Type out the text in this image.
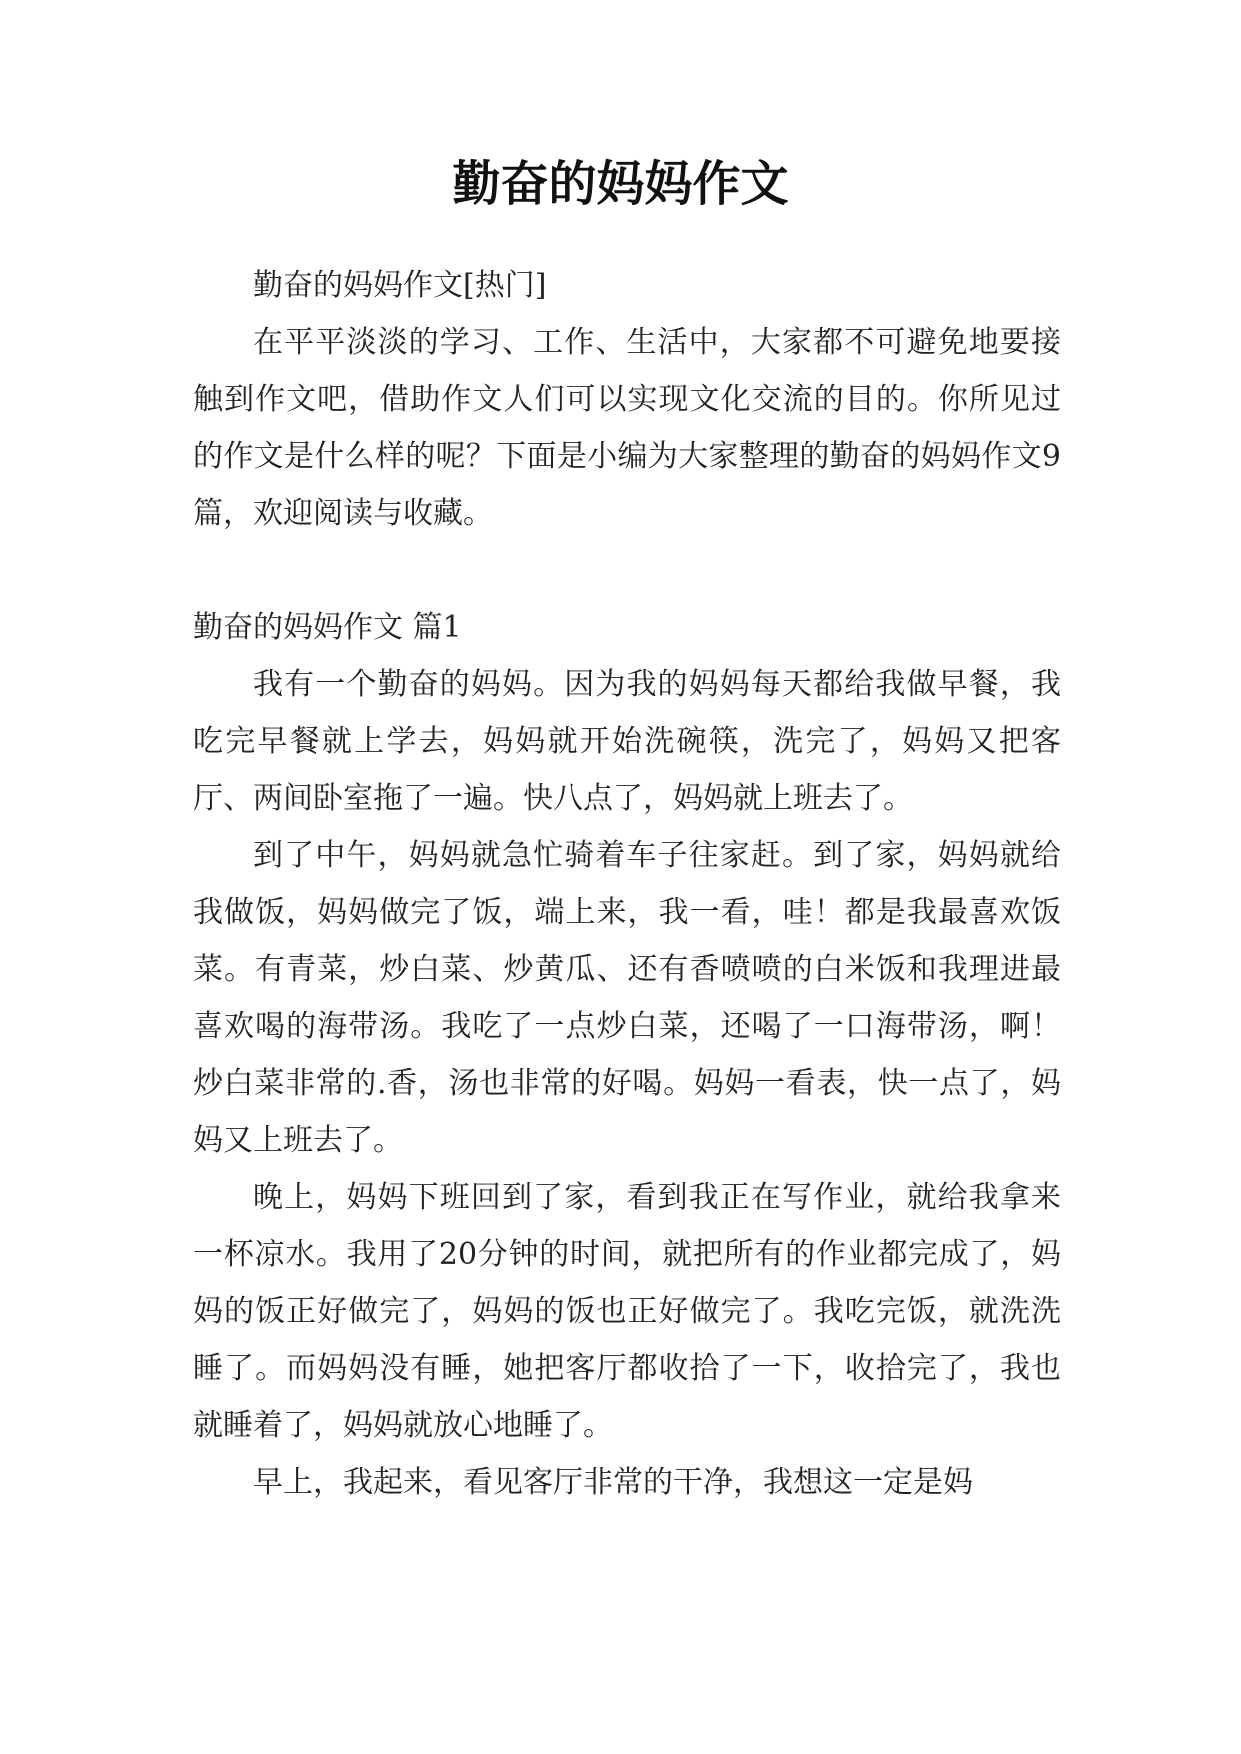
勤奋的妈妈作文

勤奋的妈妈作文[热门]

在平平淡淡的学习、工作、生活中，大家都不可避免地要接触到作文吧，借助作文人们可以实现文化交流的目的。你所见过的作文是什么样的呢？下面是小编为大家整理的勤奋的妈妈作文9篇，欢迎阅读与收藏。

勤奋的妈妈作文 篇1

我有一个勤奋的妈妈。因为我的妈妈每天都给我做早餐，我吃完早餐就上学去，妈妈就开始洗碗筷，洗完了，妈妈又把客厅、两间卧室拖了一遍。快八点了，妈妈就上班去了。

到了中午，妈妈就急忙骑着车子往家赶。到了家，妈妈就给我做饭，妈妈做完了饭，端上来，我一看，哇！都是我最喜欢饭菜。有青菜，炒白菜、炒黄瓜、还有香喷喷的白米饭和我理进最喜欢喝的海带汤。我吃了一点炒白菜，还喝了一口海带汤，啊！炒白菜非常的.香，汤也非常的好喝。妈妈一看表，快一点了，妈妈又上班去了。

晚上，妈妈下班回到了家，看到我正在写作业，就给我拿来一杯凉水。我用了20分钟的时间，就把所有的作业都完成了，妈妈的饭正好做完了，妈妈的饭也正好做完了。我吃完饭，就洗洗睡了。而妈妈没有睡，她把客厅都收拾了一下，收拾完了，我也就睡着了，妈妈就放心地睡了。

早上，我起来，看见客厅非常的干净，我想这一定是妈
